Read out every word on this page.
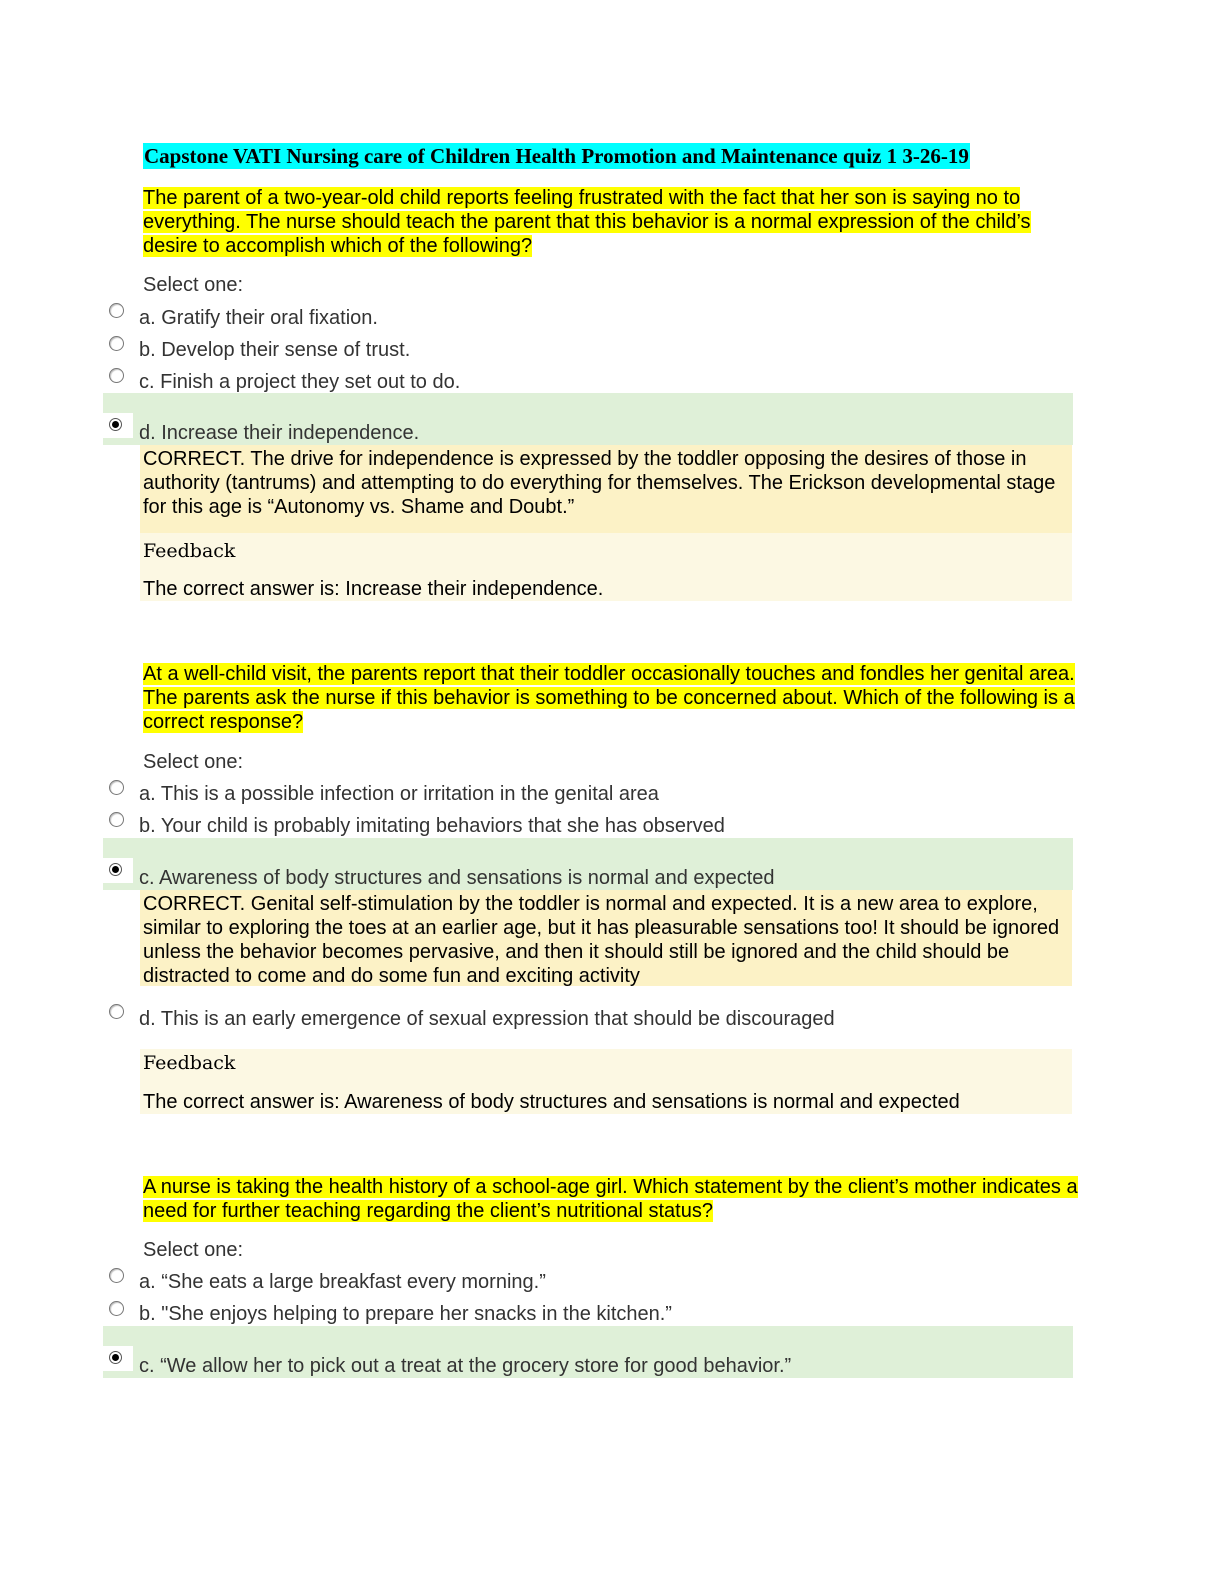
Capstone VATI Nursing care of Children Health Promotion and Maintenance quiz 1 3-26-19
The parent of a two-year-old child reports feeling frustrated with the fact that her son is saying no to everything. The nurse should teach the parent that this behavior is a normal expression of the child’s desire to accomplish which of the following?
Select one:
a. Gratify their oral fixation.
b. Develop their sense of trust.
c. Finish a project they set out to do.
d. Increase their independence.
CORRECT. The drive for independence is expressed by the toddler opposing the desires of those in authority (tantrums) and attempting to do everything for themselves. The Erickson developmental stage for this age is “Autonomy vs. Shame and Doubt.”
Feedback
The correct answer is: Increase their independence.
At a well-child visit, the parents report that their toddler occasionally touches and fondles her genital area. The parents ask the nurse if this behavior is something to be concerned about. Which of the following is a correct response?
Select one:
a. This is a possible infection or irritation in the genital area
b. Your child is probably imitating behaviors that she has observed
c. Awareness of body structures and sensations is normal and expected
CORRECT. Genital self-stimulation by the toddler is normal and expected. It is a new area to explore, similar to exploring the toes at an earlier age, but it has pleasurable sensations too! It should be ignored unless the behavior becomes pervasive, and then it should still be ignored and the child should be distracted to come and do some fun and exciting activity
d. This is an early emergence of sexual expression that should be discouraged
Feedback
The correct answer is: Awareness of body structures and sensations is normal and expected
A nurse is taking the health history of a school-age girl. Which statement by the client’s mother indicates a need for further teaching regarding the client’s nutritional status?
Select one:
a. “She eats a large breakfast every morning.”
b. "She enjoys helping to prepare her snacks in the kitchen.”
c. “We allow her to pick out a treat at the grocery store for good behavior.”
